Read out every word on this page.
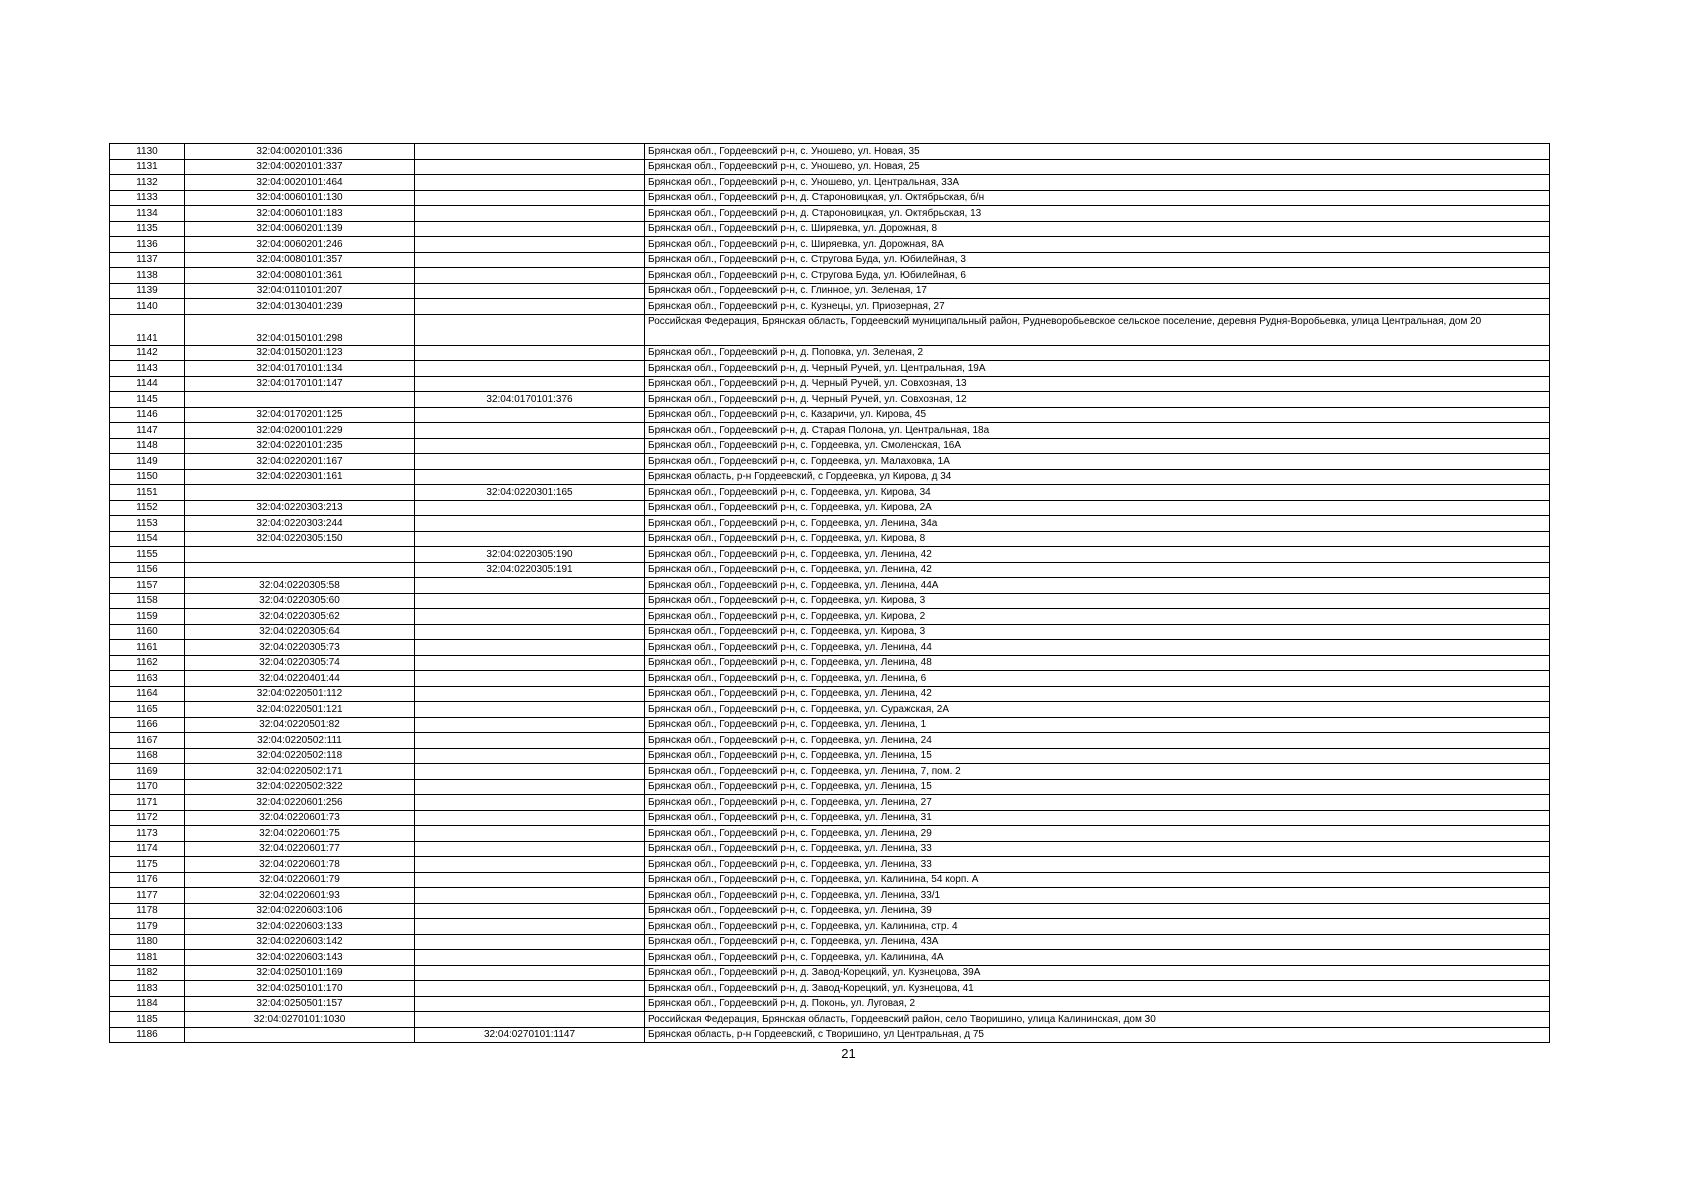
1130	32:04:0020101:336		Брянская обл., Гордеевский р-н, с. Уношево, ул. Новая, 35
1131	32:04:0020101:337		Брянская обл., Гордеевский р-н, с. Уношево, ул. Новая, 25
1132	32:04:0020101:464		Брянская обл., Гордеевский р-н, с. Уношево, ул. Центральная, 33А
1133	32:04:0060101:130		Брянская обл., Гордеевский р-н, д. Староновицкая, ул. Октябрьская, б/н
1134	32:04:0060101:183		Брянская обл., Гордеевский р-н, д. Староновицкая, ул. Октябрьская, 13
1135	32:04:0060201:139		Брянская обл., Гордеевский р-н, с. Ширяевка, ул. Дорожная, 8
1136	32:04:0060201:246		Брянская обл., Гордеевский р-н, с. Ширяевка, ул. Дорожная, 8А
1137	32:04:0080101:357		Брянская обл., Гордеевский р-н, с. Стругова Буда, ул. Юбилейная, 3
1138	32:04:0080101:361		Брянская обл., Гордеевский р-н, с. Стругова Буда, ул. Юбилейная, 6
1139	32:04:0110101:207		Брянская обл., Гордеевский р-н, с. Глинное, ул. Зеленая, 17
1140	32:04:0130401:239		Брянская обл., Гордеевский р-н, с. Кузнецы, ул. Приозерная, 27
1141	32:04:0150101:298		Российская Федерация, Брянская область, Гордеевский муниципальный район, Рудневоробьевское сельское поселение, деревня Рудня-Воробьевка, улица Центральная, дом 20
1142	32:04:0150201:123		Брянская обл., Гордеевский р-н, д. Поповка, ул. Зеленая, 2
1143	32:04:0170101:134		Брянская обл., Гордеевский р-н, д. Черный Ручей, ул. Центральная, 19А
1144	32:04:0170101:147		Брянская обл., Гордеевский р-н, д. Черный Ручей, ул. Совхозная, 13
1145		32:04:0170101:376	Брянская обл., Гордеевский р-н, д. Черный Ручей, ул. Совхозная, 12
1146	32:04:0170201:125		Брянская обл., Гордеевский р-н, с. Казаричи, ул. Кирова, 45
1147	32:04:0200101:229		Брянская обл., Гордеевский р-н, д. Старая Полона, ул. Центральная, 18а
1148	32:04:0220101:235		Брянская обл., Гордеевский р-н, с. Гордеевка, ул. Смоленская, 16А
1149	32:04:0220201:167		Брянская обл., Гордеевский р-н, с. Гордеевка, ул. Малаховка, 1А
1150	32:04:0220301:161		Брянская область, р-н Гордеевский, с Гордеевка, ул Кирова, д 34
1151		32:04:0220301:165	Брянская обл., Гордеевский р-н, с. Гордеевка, ул. Кирова, 34
1152	32:04:0220303:213		Брянская обл., Гордеевский р-н, с. Гордеевка, ул. Кирова, 2А
1153	32:04:0220303:244		Брянская обл., Гордеевский р-н, с. Гордеевка, ул. Ленина, 34а
1154	32:04:0220305:150		Брянская обл., Гордеевский р-н, с. Гордеевка, ул. Кирова, 8
1155		32:04:0220305:190	Брянская обл., Гордеевский р-н, с. Гордеевка, ул. Ленина, 42
1156		32:04:0220305:191	Брянская обл., Гордеевский р-н, с. Гордеевка, ул. Ленина, 42
1157	32:04:0220305:58		Брянская обл., Гордеевский р-н, с. Гордеевка, ул. Ленина, 44А
1158	32:04:0220305:60		Брянская обл., Гордеевский р-н, с. Гордеевка, ул. Кирова, 3
1159	32:04:0220305:62		Брянская обл., Гордеевский р-н, с. Гордеевка, ул. Кирова, 2
1160	32:04:0220305:64		Брянская обл., Гордеевский р-н, с. Гордеевка, ул. Кирова, 3
1161	32:04:0220305:73		Брянская обл., Гордеевский р-н, с. Гордеевка, ул. Ленина, 44
1162	32:04:0220305:74		Брянская обл., Гордеевский р-н, с. Гордеевка, ул. Ленина, 48
1163	32:04:0220401:44		Брянская обл., Гордеевский р-н, с. Гордеевка, ул. Ленина, 6
1164	32:04:0220501:112		Брянская обл., Гордеевский р-н, с. Гордеевка, ул. Ленина, 42
1165	32:04:0220501:121		Брянская обл., Гордеевский р-н, с. Гордеевка, ул. Суражская, 2А
1166	32:04:0220501:82		Брянская обл., Гордеевский р-н, с. Гордеевка, ул. Ленина, 1
1167	32:04:0220502:111		Брянская обл., Гордеевский р-н, с. Гордеевка, ул. Ленина, 24
1168	32:04:0220502:118		Брянская обл., Гордеевский р-н, с. Гордеевка, ул. Ленина, 15
1169	32:04:0220502:171		Брянская обл., Гордеевский р-н, с. Гордеевка, ул. Ленина, 7, пом. 2
1170	32:04:0220502:322		Брянская обл., Гордеевский р-н, с. Гордеевка, ул. Ленина, 15
1171	32:04:0220601:256		Брянская обл., Гордеевский р-н, с. Гордеевка, ул. Ленина, 27
1172	32:04:0220601:73		Брянская обл., Гордеевский р-н, с. Гордеевка, ул. Ленина, 31
1173	32:04:0220601:75		Брянская обл., Гордеевский р-н, с. Гордеевка, ул. Ленина, 29
1174	32:04:0220601:77		Брянская обл., Гордеевский р-н, с. Гордеевка, ул. Ленина, 33
1175	32:04:0220601:78		Брянская обл., Гордеевский р-н, с. Гордеевка, ул. Ленина, 33
1176	32:04:0220601:79		Брянская обл., Гордеевский р-н, с. Гордеевка, ул. Калинина, 54 корп. А
1177	32:04:0220601:93		Брянская обл., Гордеевский р-н, с. Гордеевка, ул. Ленина, 33/1
1178	32:04:0220603:106		Брянская обл., Гордеевский р-н, с. Гордеевка, ул. Ленина, 39
1179	32:04:0220603:133		Брянская обл., Гордеевский р-н, с. Гордеевка, ул. Калинина, стр. 4
1180	32:04:0220603:142		Брянская обл., Гордеевский р-н, с. Гордеевка, ул. Ленина, 43А
1181	32:04:0220603:143		Брянская обл., Гордеевский р-н, с. Гордеевка, ул. Калинина, 4А
1182	32:04:0250101:169		Брянская обл., Гордеевский р-н, д. Завод-Корецкий, ул. Кузнецова, 39А
1183	32:04:0250101:170		Брянская обл., Гордеевский р-н, д. Завод-Корецкий, ул. Кузнецова, 41
1184	32:04:0250501:157		Брянская обл., Гордеевский р-н, д. Поконь, ул. Луговая, 2
1185	32:04:0270101:1030		Российская Федерация, Брянская область, Гордеевский район, село Творишино, улица Калининская, дом 30
1186		32:04:0270101:1147	Брянская область, р-н Гордеевский, с Творишино, ул Центральная, д 75
21
